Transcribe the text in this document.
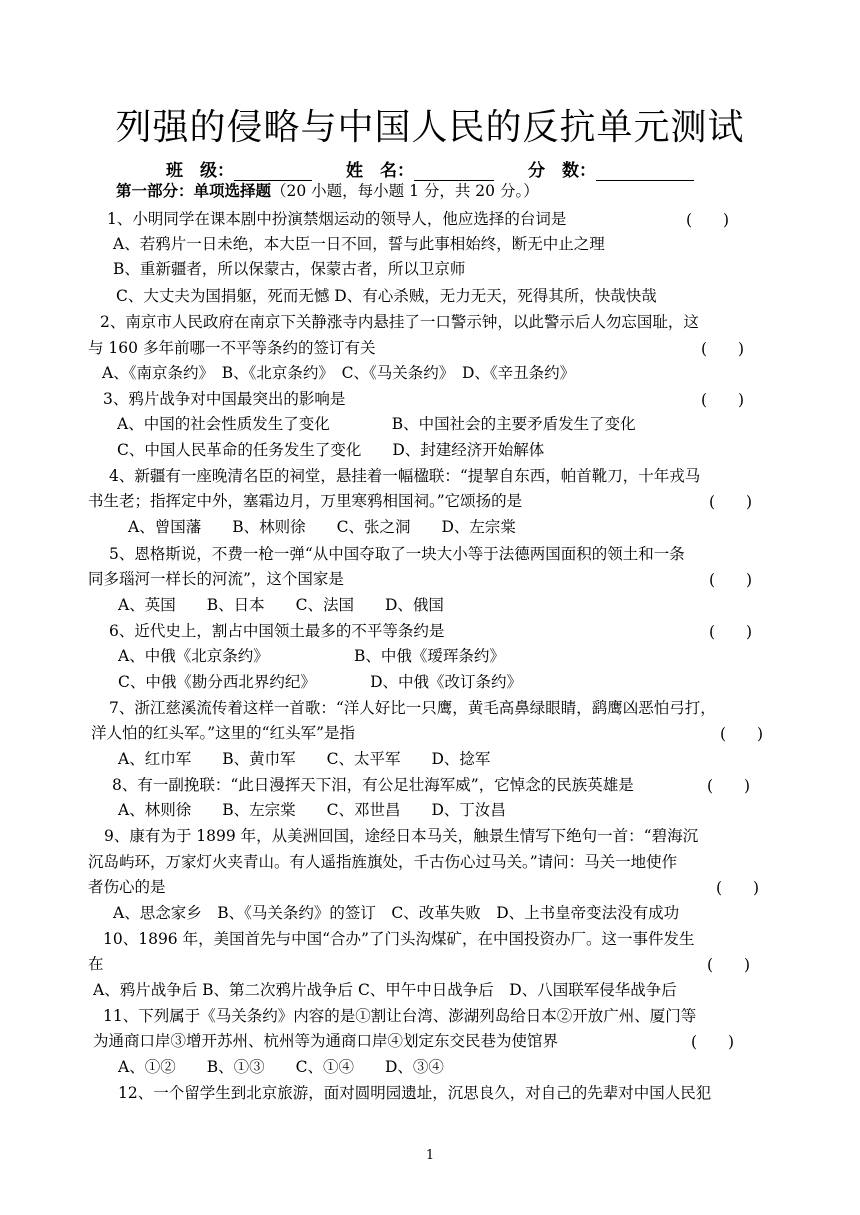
列强的侵略与中国人民的反抗单元测试
班　级：　　	姓　名：　　	分　数：
第一部分：单项选择题（20 小题，每小题 1 分，共 20 分。）
1、小明同学在课本剧中扮演禁烟运动的领导人，他应选择的台词是	(　　)
A、若鸦片一日未绝，本大臣一日不回，誓与此事相始终，断无中止之理
B、重新疆者，所以保蒙古，保蒙古者，所以卫京师
C、大丈夫为国捐躯，死而无憾 D、有心杀贼，无力无天，死得其所，快哉快哉
2、南京市人民政府在南京下关静涨寺内悬挂了一口警示钟，以此警示后人勿忘国耻，这
与 160 多年前哪一不平等条约的签订有关	(　　)
A、《南京条约》　B、《北京条约》　C、《马关条约》　D、《辛丑条约》
3、鸦片战争对中国最突出的影响是	(　　)
A、中国的社会性质发生了变化　　　　B、中国社会的主要矛盾发生了变化
C、中国人民革命的任务发生了变化　　D、封建经济开始解体
4、新疆有一座晚清名臣的祠堂，悬挂着一幅楹联：“提挈自东西，帕首靴刀，十年戎马
书生老；指挥定中外，塞霜边月，万里寒鸦相国祠。”它颂扬的是	(　　)
A、曾国藩　　B、林则徐　　C、张之洞　　D、左宗棠
5、恩格斯说，不费一枪一弹“从中国夺取了一块大小等于法德两国面积的领土和一条
同多瑙河一样长的河流”，这个国家是	(　　)
A、英国　　B、日本　　C、法国　　D、俄国
6、近代史上，割占中国领土最多的不平等条约是	(　　)
A、中俄《北京条约》　　　　　　B、中俄《瑷珲条约》
C、中俄《勘分西北界约纪》　　　　D、中俄《改订条约》
7、浙江慈溪流传着这样一首歌：“洋人好比一只鹰，黄毛高鼻绿眼睛，鹞鹰凶恶怕弓打，
洋人怕的红头军。”这里的“红头军”是指	(　　)
A、红巾军　　B、黄巾军　　C、太平军　　D、捻军
8、有一副挽联：“此日漫挥天下泪，有公足壮海军威”，它悼念的民族英雄是	(　　)
A、林则徐　　B、左宗棠　　C、邓世昌　　D、丁汝昌
9、康有为于 1899 年，从美洲回国，途经日本马关，触景生情写下绝句一首：“碧海沉
沉岛屿环，万家灯火夹青山。有人遥指旌旗处，千古伤心过马关。”请问：马关一地使作
者伤心的是	(　　)
A、思念家乡　B、《马关条约》的签订　C、改革失败　D、上书皇帝变法没有成功
10、1896 年，美国首先与中国“合办”了门头沟煤矿，在中国投资办厂。这一事件发生
在	(　　)
A、鸦片战争后 B、第二次鸦片战争后 C、甲午中日战争后　D、八国联军侵华战争后
11、下列属于《马关条约》内容的是①割让台湾、澎湖列岛给日本②开放广州、厦门等
为通商口岸③增开苏州、杭州等为通商口岸④划定东交民巷为使馆界	(　　)
A、①②　　B、①③　　C、①④　　D、③④
12、一个留学生到北京旅游，面对圆明园遗址，沉思良久，对自己的先辈对中国人民犯
1
